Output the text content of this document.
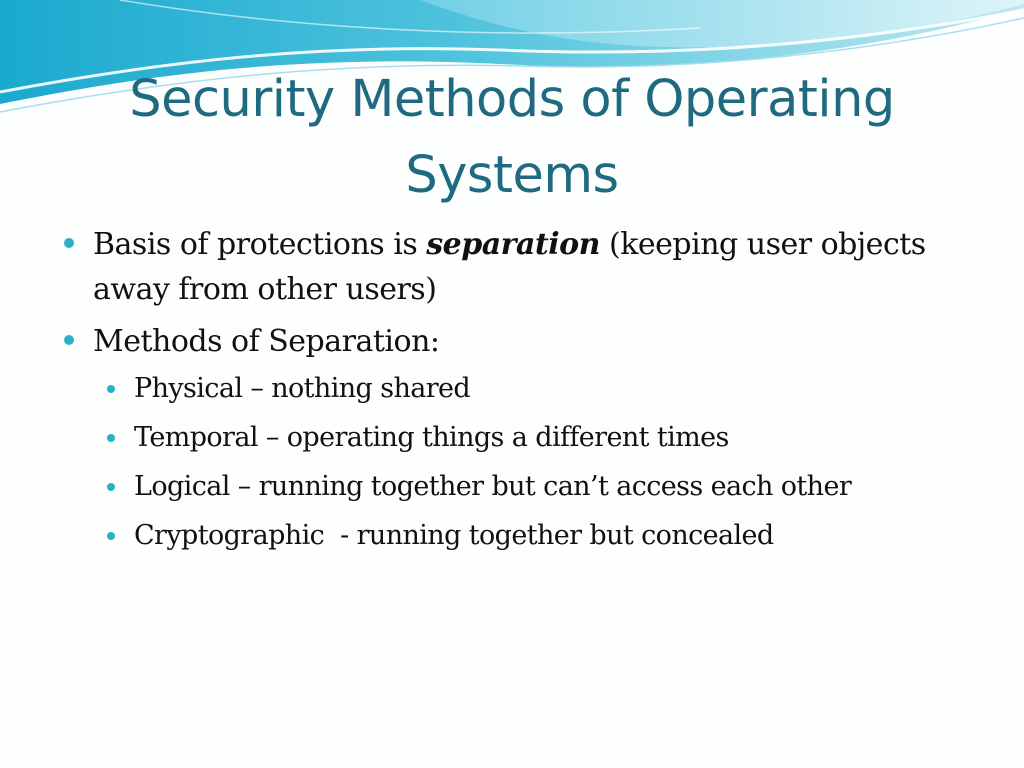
Security Methods of Operating Systems
Basis of protections is separation (keeping user objects away from other users)
Methods of Separation:
Physical – nothing shared
Temporal – operating things a different times
Logical – running together but can’t access each other
Cryptographic  - running together but concealed
